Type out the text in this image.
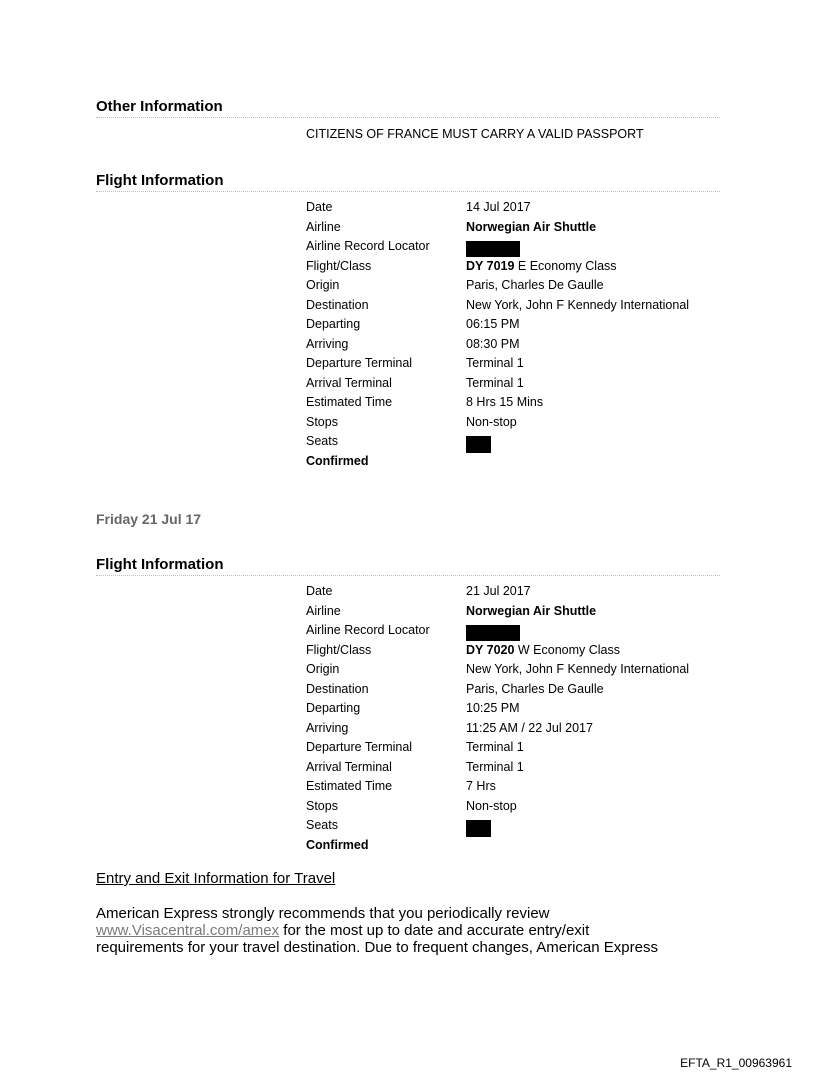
Other Information
CITIZENS OF FRANCE MUST CARRY A VALID PASSPORT
Flight Information
Date	14 Jul 2017
Airline	Norwegian Air Shuttle
Airline Record Locator
Flight/Class	DY 7019 E Economy Class
Origin	Paris, Charles De Gaulle
Destination	New York, John F Kennedy International
Departing	06:15 PM
Arriving	08:30 PM
Departure Terminal	Terminal 1
Arrival Terminal	Terminal 1
Estimated Time	8 Hrs 15 Mins
Stops	Non-stop
Seats
Confirmed
Friday 21 Jul 17
Flight Information
Date	21 Jul 2017
Airline	Norwegian Air Shuttle
Airline Record Locator
Flight/Class	DY 7020 W Economy Class
Origin	New York, John F Kennedy International
Destination	Paris, Charles De Gaulle
Departing	10:25 PM
Arriving	11:25 AM / 22 Jul 2017
Departure Terminal	Terminal 1
Arrival Terminal	Terminal 1
Estimated Time	7 Hrs
Stops	Non-stop
Seats
Confirmed
Entry and Exit Information for Travel
American Express strongly recommends that you periodically review
www.Visacentral.com/amex for the most up to date and accurate entry/exit
requirements for your travel destination. Due to frequent changes, American Express
EFTA_R1_00963961
